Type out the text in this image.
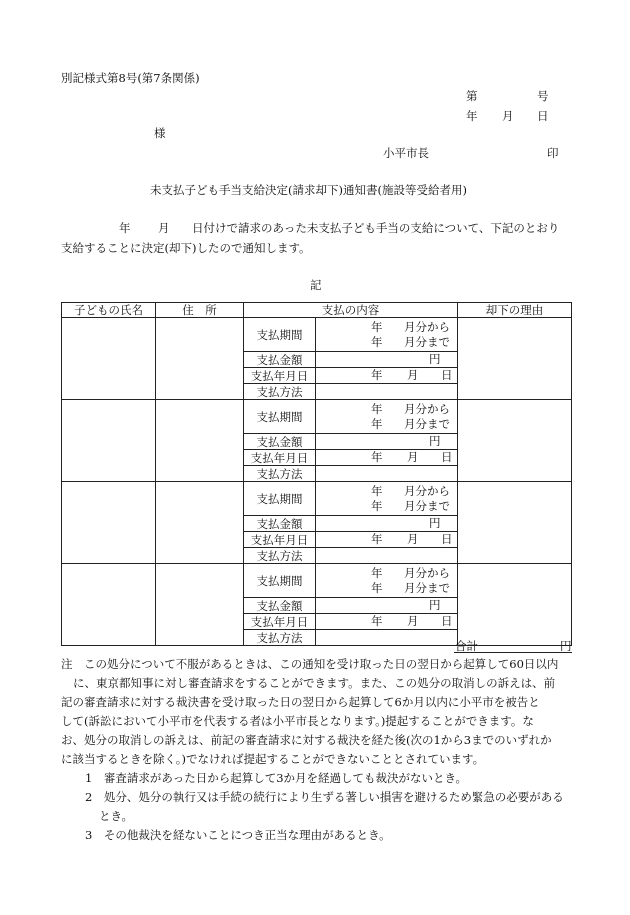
別記様式第8号(第7条関係)
第	号
年 月 日
様
小平市長	印
未支払子ども手当支給決定(請求却下)通知書(施設等受給者用)
年 月 日付けで請求のあった未支払子ども手当の支給について、下記のとおり
支給することに決定(却下)したので通知します。
記
子どもの氏名	住　所	支払の内容		却下の理由
		支払期間	年 月分から
年 月分まで	

		支払金額	円	

		支払年月日	年 月 日	

		支払方法		
		支払期間	年 月分から
年 月分まで	

		支払金額	円	

		支払年月日	年 月 日	

		支払方法		
		支払期間	年 月分から
年 月分まで	

		支払金額	円	

		支払年月日	年 月 日	

		支払方法		
		支払期間	年 月分から
年 月分まで	

		支払金額	円	

		支払年月日	年 月 日	

		支払方法		
合計	円
注　この処分について不服があるときは、この通知を受け取った日の翌日から起算して60日以内
に、東京都知事に対し審査請求をすることができます。また、この処分の取消しの訴えは、前
記の審査請求に対する裁決書を受け取った日の翌日から起算して6か月以内に小平市を被告と
して(訴訟において小平市を代表する者は小平市長となります。)提起することができます。な
お、処分の取消しの訴えは、前記の審査請求に対する裁決を経た後(次の1から3までのいずれか
に該当するときを除く。)でなければ提起することができないこととされています。
1　審査請求があった日から起算して3か月を経過しても裁決がないとき。
2　処分、処分の執行又は手続の続行により生ずる著しい損害を避けるため緊急の必要がある
とき。
3　その他裁決を経ないことにつき正当な理由があるとき。
